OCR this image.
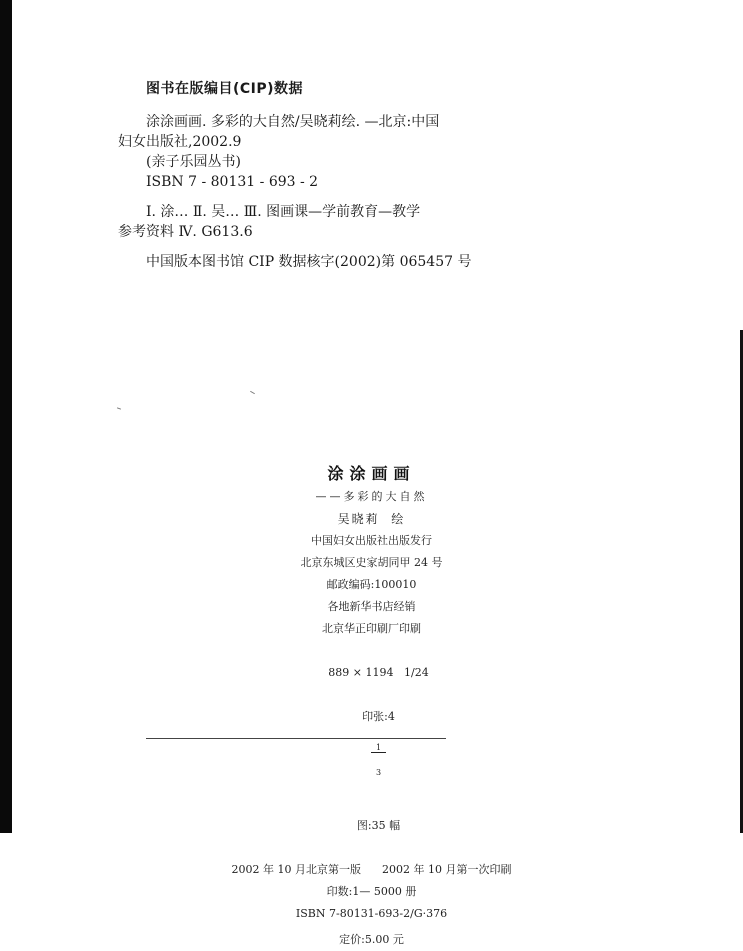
图书在版编目(CIP)数据
涂涂画画. 多彩的大自然/吴晓莉绘. —北京:中国
妇女出版社,2002.9
(亲子乐园丛书)
ISBN 7 - 80131 - 693 - 2
Ⅰ. 涂… Ⅱ. 吴… Ⅲ. 图画课—学前教育—教学
参考资料 Ⅳ. G613.6
中国版本图书馆 CIP 数据核字(2002)第 065457 号
涂涂画画
——多彩的大自然
吴晓莉  绘
中国妇女出版社出版发行
北京东城区史家胡同甲 24 号
邮政编码:100010
各地新华书店经销
北京华正印刷厂印刷

889 × 1194   1/24

印张:4

$\frac{1}{3}$

图:35 幅

2002 年 10 月北京第一版      2002 年 10 月第一次印刷
印数:1— 5000 册
ISBN 7-80131-693-2/G·376
定价:5.00 元
